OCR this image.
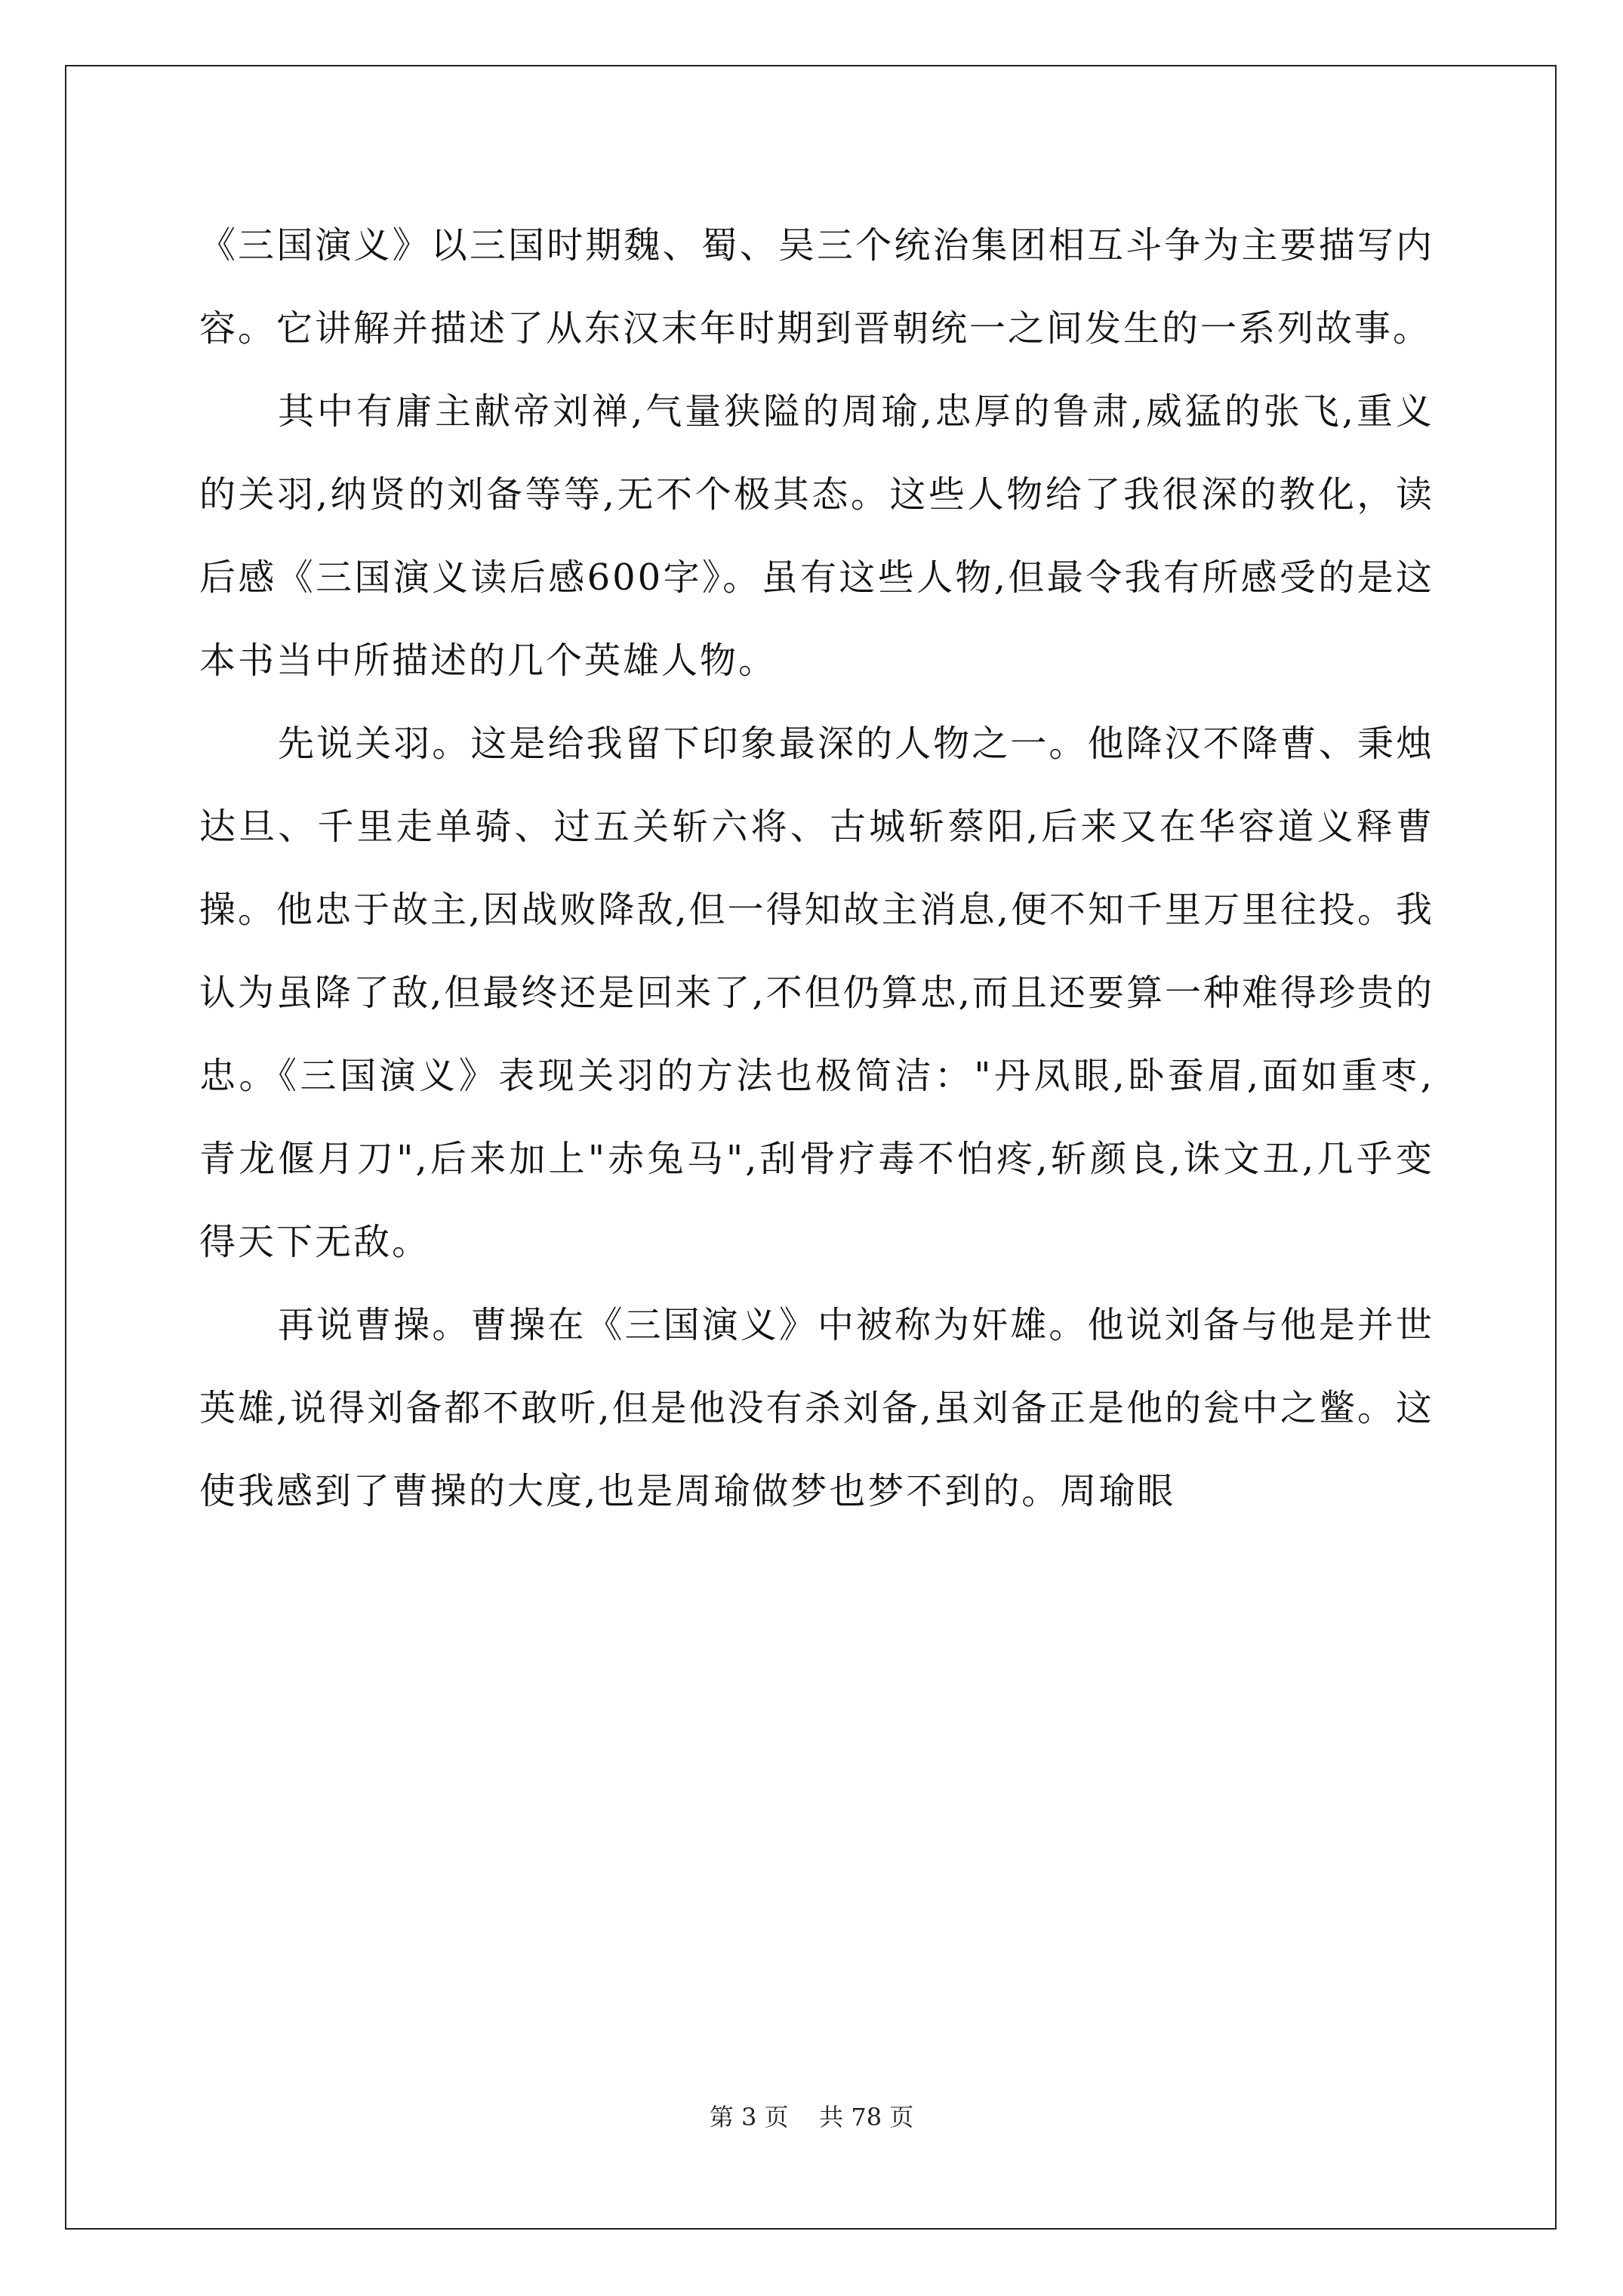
《三国演义》以三国时期魏、蜀、吴三个统治集团相互斗争为主要描写内容。它讲解并描述了从东汉末年时期到晋朝统一之间发生的一系列故事。

其中有庸主献帝刘禅,气量狭隘的周瑜,忠厚的鲁肃,威猛的张飞,重义的关羽,纳贤的刘备等等,无不个极其态。这些人物给了我很深的教化，读后感《三国演义读后感600字》。虽有这些人物,但最令我有所感受的是这本书当中所描述的几个英雄人物。

先说关羽。这是给我留下印象最深的人物之一。他降汉不降曹、秉烛达旦、千里走单骑、过五关斩六将、古城斩蔡阳,后来又在华容道义释曹操。他忠于故主,因战败降敌,但一得知故主消息,便不知千里万里往投。我认为虽降了敌,但最终还是回来了,不但仍算忠,而且还要算一种难得珍贵的忠。《三国演义》表现关羽的方法也极简洁："丹凤眼,卧蚕眉,面如重枣,青龙偃月刀",后来加上"赤兔马",刮骨疗毒不怕疼,斩颜良,诛文丑,几乎变得天下无敌。

再说曹操。曹操在《三国演义》中被称为奸雄。他说刘备与他是并世英雄,说得刘备都不敢听,但是他没有杀刘备,虽刘备正是他的瓮中之鳖。这使我感到了曹操的大度,也是周瑜做梦也梦不到的。周瑜眼

第 3 页    共 78 页
